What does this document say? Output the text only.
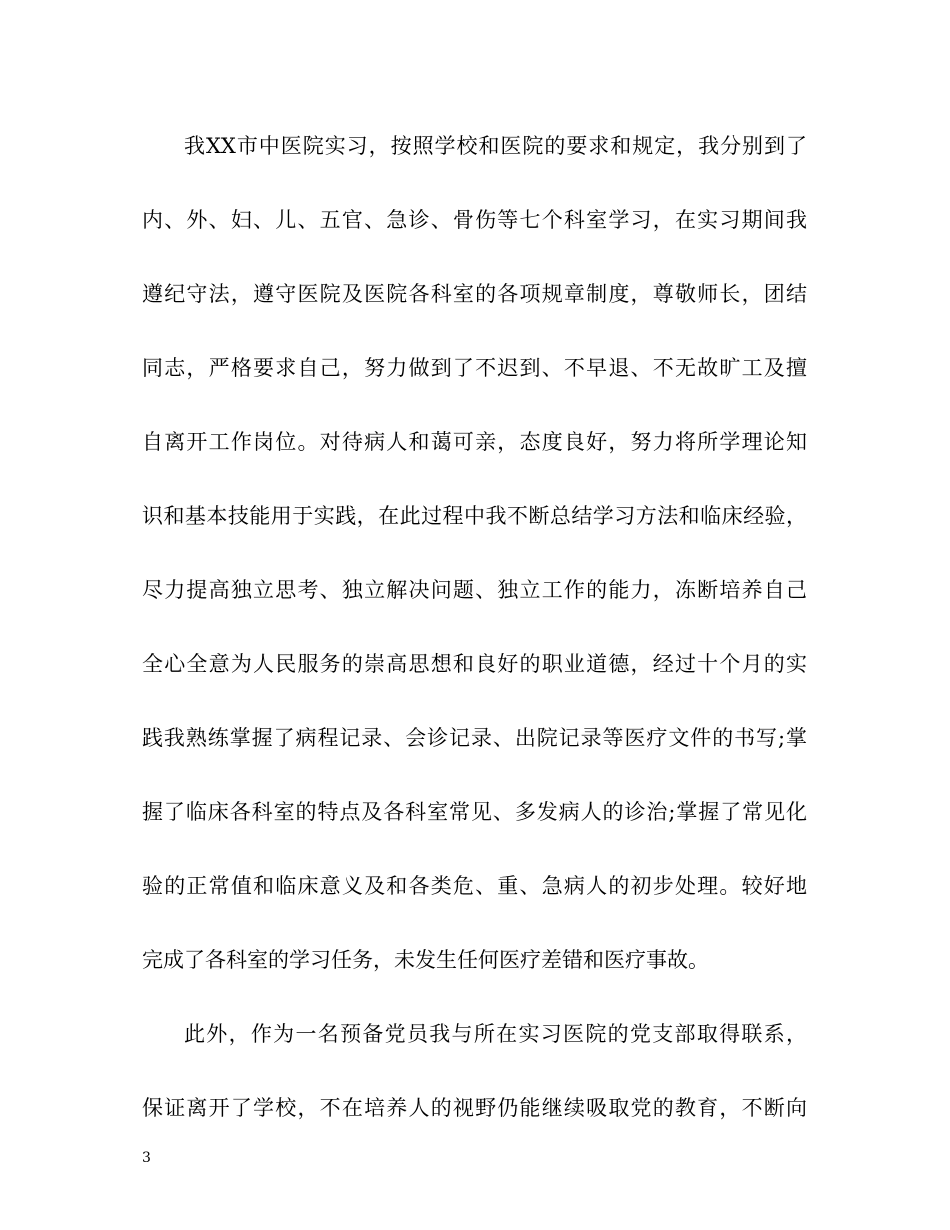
我XX市中医院实习，按照学校和医院的要求和规定，我分别到了
内、外、妇、儿、五官、急诊、骨伤等七个科室学习，在实习期间我
遵纪守法，遵守医院及医院各科室的各项规章制度，尊敬师长，团结
同志，严格要求自己，努力做到了不迟到、不早退、不无故旷工及擅
自离开工作岗位。对待病人和蔼可亲，态度良好，努力将所学理论知
识和基本技能用于实践，在此过程中我不断总结学习方法和临床经验，
尽力提高独立思考、独立解决问题、独立工作的能力，冻断培养自己
全心全意为人民服务的崇高思想和良好的职业道德，经过十个月的实
践我熟练掌握了病程记录、会诊记录、出院记录等医疗文件的书写;掌
握了临床各科室的特点及各科室常见、多发病人的诊治;掌握了常见化
验的正常值和临床意义及和各类危、重、急病人的初步处理。较好地
完成了各科室的学习任务，未发生任何医疗差错和医疗事故。
此外，作为一名预备党员我与所在实习医院的党支部取得联系，
保证离开了学校，不在培养人的视野仍能继续吸取党的教育，不断向
3
